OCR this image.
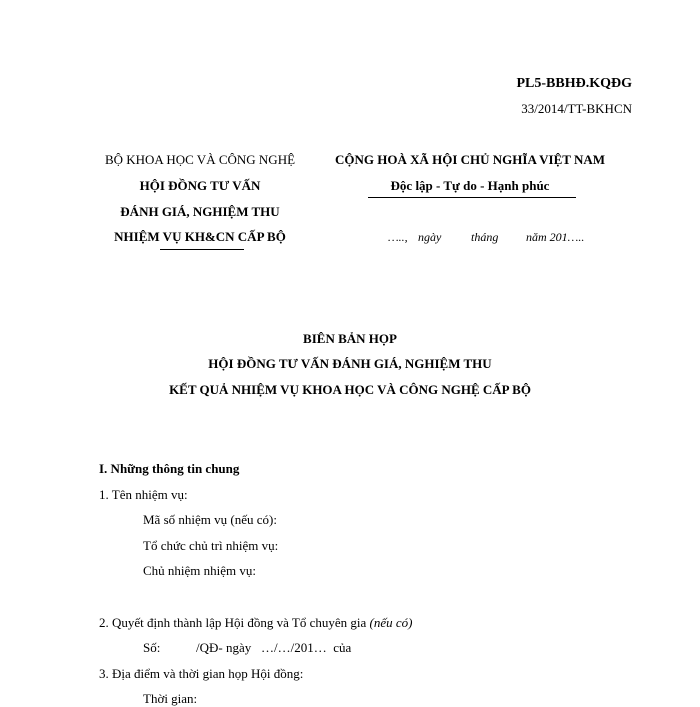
PL5-BBHĐ.KQĐG
33/2014/TT-BKHCN
BỘ KHOA HỌC VÀ CÔNG NGHỆ
HỘI ĐỒNG TƯ VẤN
ĐÁNH GIÁ, NGHIỆM THU
NHIỆM VỤ KH&CN CẤP BỘ
CỘNG HOÀ XÃ HỘI CHỦ NGHĨA VIỆT NAM
Độc lập - Tự do - Hạnh phúc
….., ngày tháng năm 201…..
BIÊN BẢN HỌP
HỘI ĐỒNG TƯ VẤN ĐÁNH GIÁ, NGHIỆM THU
KẾT QUẢ NHIỆM VỤ KHOA HỌC VÀ CÔNG NGHỆ CẤP BỘ
I. Những thông tin chung
1. Tên nhiệm vụ:
Mã số nhiệm vụ (nếu có):
Tổ chức chủ trì nhiệm vụ:
Chủ nhiệm nhiệm vụ:
2. Quyết định thành lập Hội đồng và Tổ chuyên gia (nếu có)
Số:	/QĐ- ngày   …/…/201…  của
3. Địa điểm và thời gian họp Hội đồng:
Thời gian:
